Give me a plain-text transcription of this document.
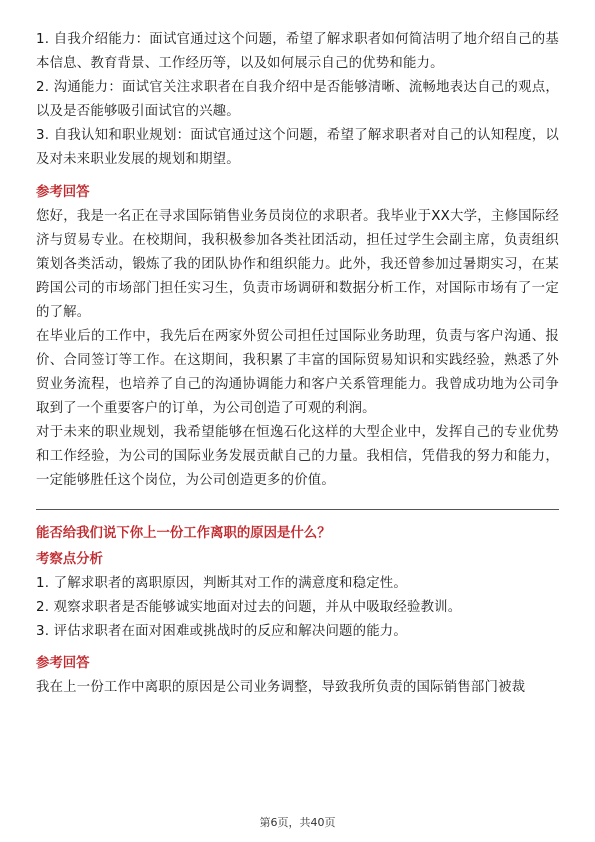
1. 自我介绍能力：面试官通过这个问题，希望了解求职者如何简洁明了地介绍自己的基本信息、教育背景、工作经历等，以及如何展示自己的优势和能力。

2. 沟通能力：面试官关注求职者在自我介绍中是否能够清晰、流畅地表达自己的观点，以及是否能够吸引面试官的兴趣。

3. 自我认知和职业规划：面试官通过这个问题，希望了解求职者对自己的认知程度，以及对未来职业发展的规划和期望。

参考回答

您好，我是一名正在寻求国际销售业务员岗位的求职者。我毕业于XX大学，主修国际经济与贸易专业。在校期间，我积极参加各类社团活动，担任过学生会副主席，负责组织策划各类活动，锻炼了我的团队协作和组织能力。此外，我还曾参加过暑期实习，在某跨国公司的市场部门担任实习生，负责市场调研和数据分析工作，对国际市场有了一定的了解。

在毕业后的工作中，我先后在两家外贸公司担任过国际业务助理，负责与客户沟通、报价、合同签订等工作。在这期间，我积累了丰富的国际贸易知识和实践经验，熟悉了外贸业务流程，也培养了自己的沟通协调能力和客户关系管理能力。我曾成功地为公司争取到了一个重要客户的订单，为公司创造了可观的利润。

对于未来的职业规划，我希望能够在恒逸石化这样的大型企业中，发挥自己的专业优势和工作经验，为公司的国际业务发展贡献自己的力量。我相信，凭借我的努力和能力，一定能够胜任这个岗位，为公司创造更多的价值。

能否给我们说下你上一份工作离职的原因是什么？

考察点分析

1. 了解求职者的离职原因，判断其对工作的满意度和稳定性。

2. 观察求职者是否能够诚实地面对过去的问题，并从中吸取经验教训。

3. 评估求职者在面对困难或挑战时的反应和解决问题的能力。

参考回答

我在上一份工作中离职的原因是公司业务调整，导致我所负责的国际销售部门被裁

第6页，共40页
